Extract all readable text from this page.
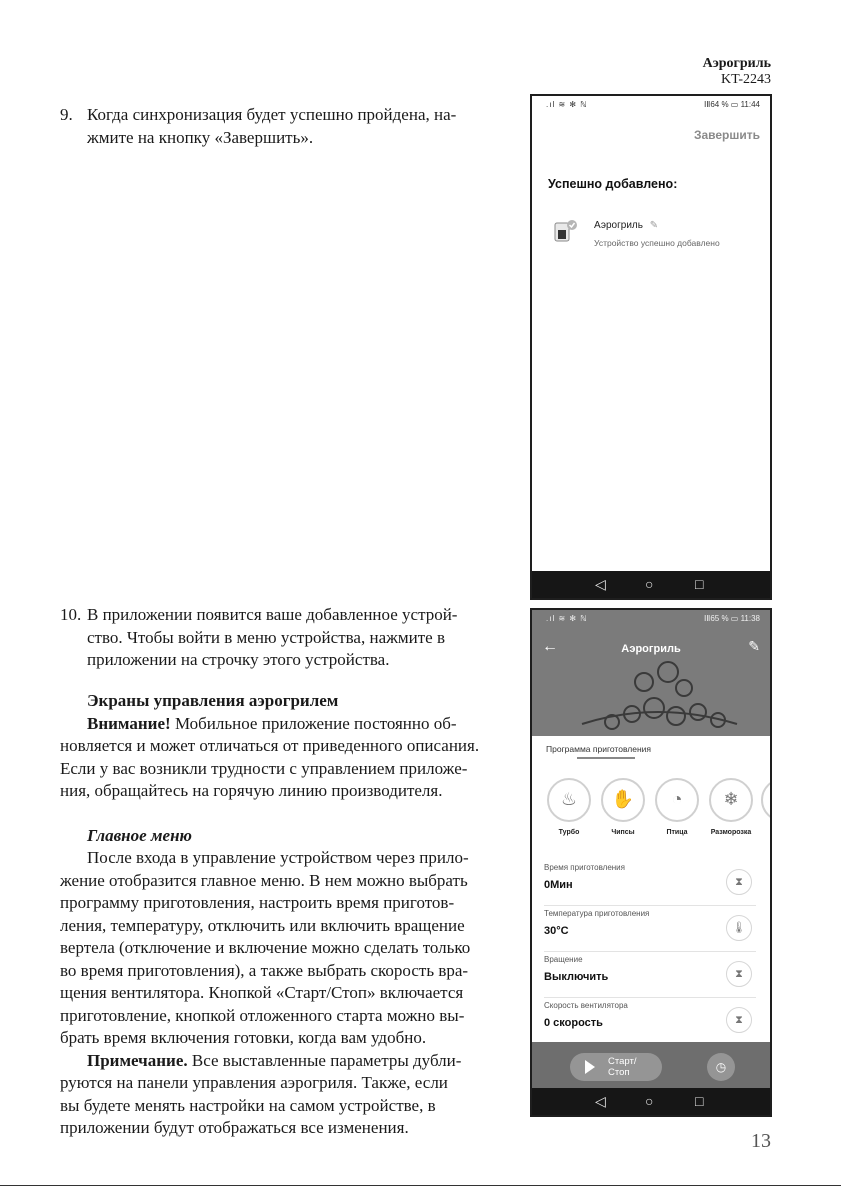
Аэрогриль
KT-2243
9. Когда синхронизация будет успешно пройдена, на-
жмите на кнопку «Завершить».
10. В приложении появится ваше добавленное устрой-
ство. Чтобы войти в меню устройства, нажмите в
приложении на строчку этого устройства.
Экраны управления аэрогрилем
Внимание! Мобильное приложение постоянно об-
новляется и может отличаться от приведенного описания.
Если у вас возникли трудности с управлением приложе-
ния, обращайтесь на горячую линию производителя.
Главное меню
После входа в управление устройством через прило-
жение отобразится главное меню. В нем можно выбрать
программу приготовления, настроить время приготов-
ления, температуру, отключить или включить вращение
вертела (отключение и включение можно сделать только
во время приготовления), а также выбрать скорость вра-
щения вентилятора. Кнопкой «Старт/Стоп» включается
приготовление, кнопкой отложенного старта можно вы-
брать время включения готовки, когда вам удобно.
Примечание. Все выставленные параметры дубли-
руются на панели управления аэрогриля. Также, если
вы будете менять настройки на самом устройстве, в
приложении будут отображаться все изменения.
13
.ıl ≋ ✻ ℕ	ⅠⅡ64 % ▭ 11:44
Завершить
Успешно добавлено:
Аэрогриль ✎
Устройство успешно добавлено
◁	○	□
.ıl ≋ ✻ ℕ	ⅠⅡ65 % ▭ 11:38
←	Аэрогриль	✎
Программа приготовления
♨	✋	◔	❄
Турбо	Чипсы	Птица	Разморозка
Время приготовления
0Мин	⧗
Температура приготовления
30°C	🌡
Вращение
Выключить	⧗
Скорость вентилятора
0 скорость	⧗
Старт/
Стоп	◷
◁	○	□
